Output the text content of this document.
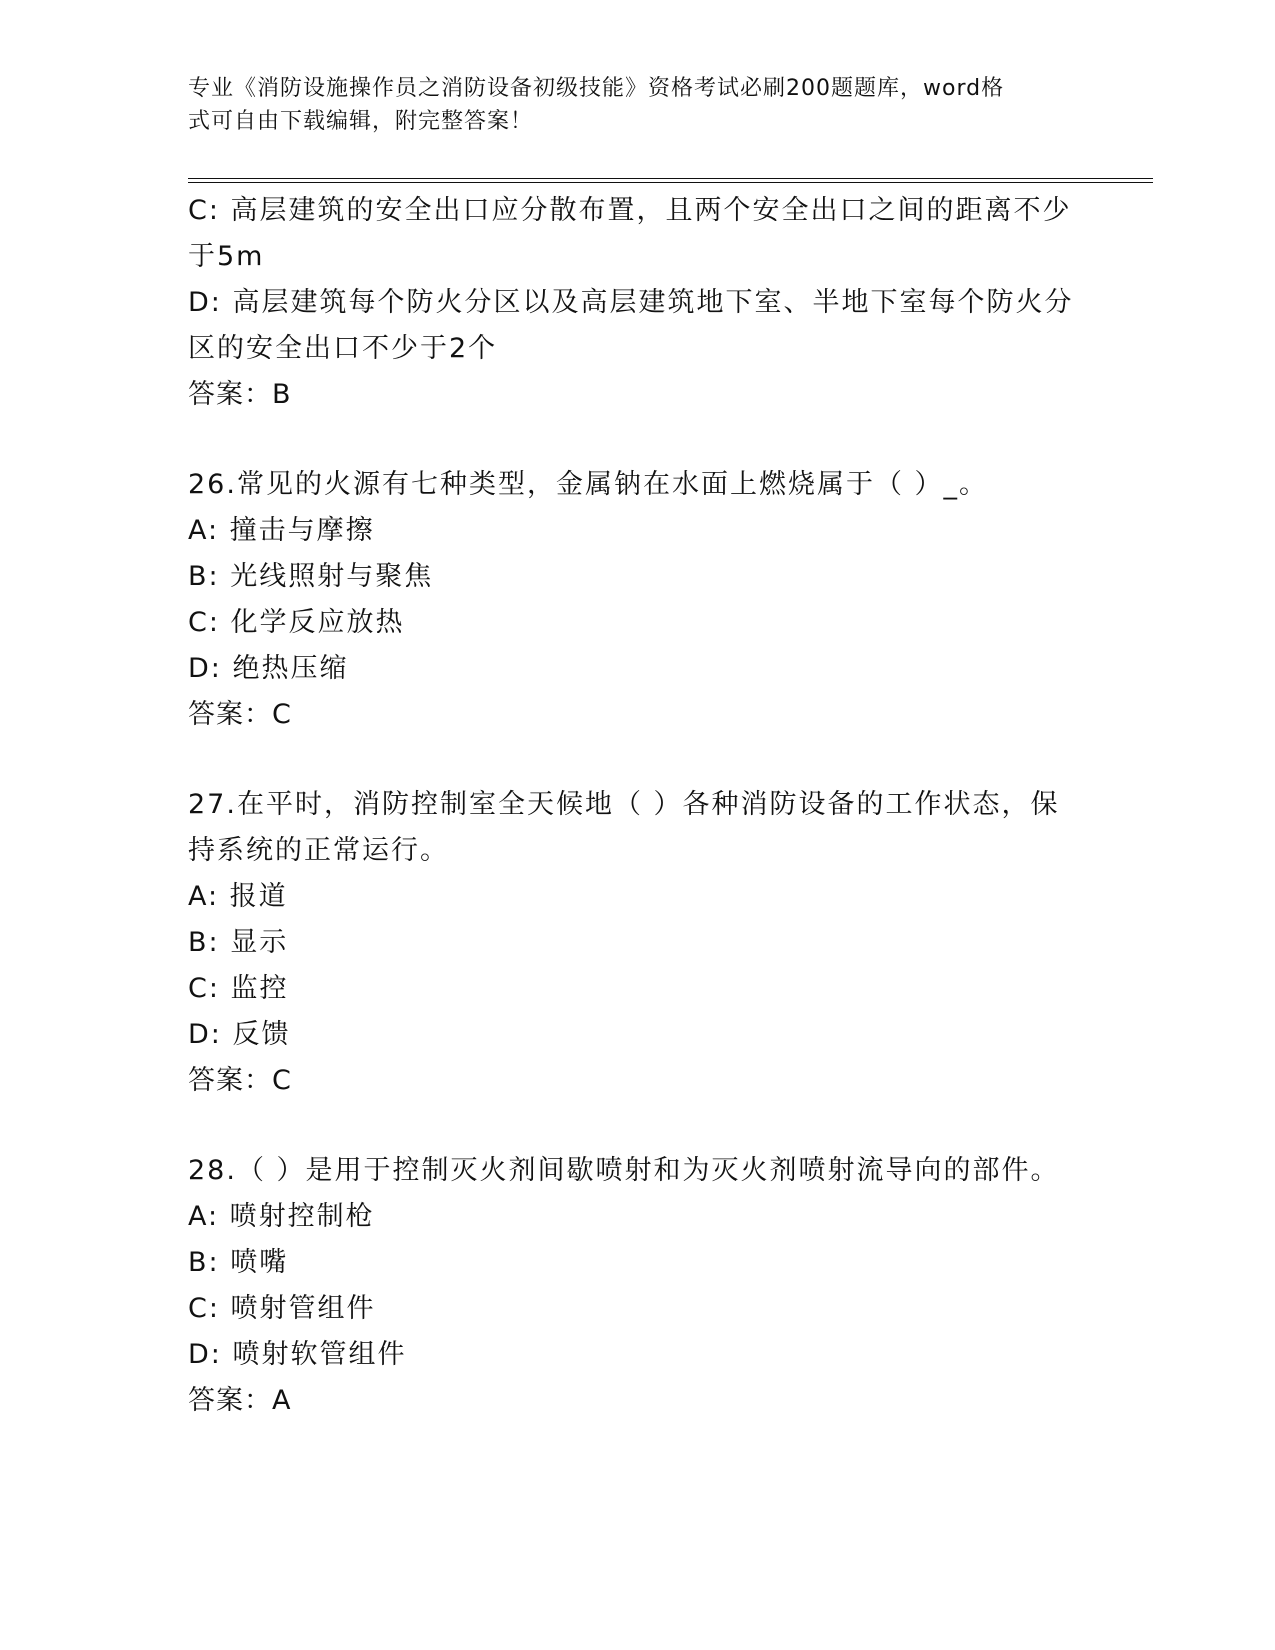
专业《消防设施操作员之消防设备初级技能》资格考试必刷200题题库，word格
式可自由下载编辑，附完整答案！
C: 高层建筑的安全出口应分散布置，且两个安全出口之间的距离不少
于5m
D: 高层建筑每个防火分区以及高层建筑地下室、半地下室每个防火分
区的安全出口不少于2个
答案：B
26.常见的火源有七种类型，金属钠在水面上燃烧属于（ ）_。
A: 撞击与摩擦
B: 光线照射与聚焦
C: 化学反应放热
D: 绝热压缩
答案：C
27.在平时，消防控制室全天候地（ ）各种消防设备的工作状态，保
持系统的正常运行。
A: 报道
B: 显示
C: 监控
D: 反馈
答案：C
28.（ ）是用于控制灭火剂间歇喷射和为灭火剂喷射流导向的部件。
A: 喷射控制枪
B: 喷嘴
C: 喷射管组件
D: 喷射软管组件
答案：A
